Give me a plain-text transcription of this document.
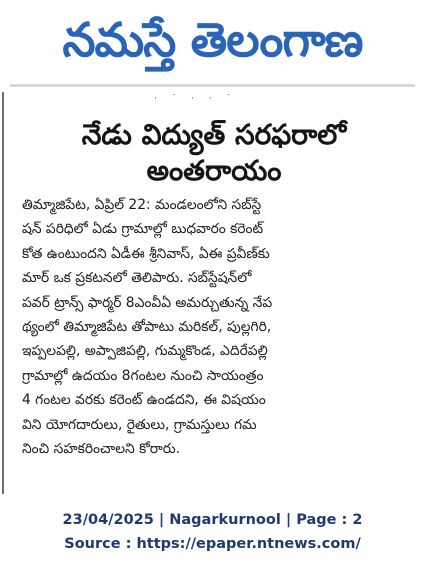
నమస్తే తెలంగాణ
· ˙ · · ˙
నేడు విద్యుత్ సరఫరాలో
అంతరాయం
తిమ్మాజిపేట, ఏప్రిల్ 22: మండలంలోని సబ్‌స్టే
షన్ పరిధిలో ఏడు గ్రామాల్లో బుధవారం కరెంట్
కోత ఉంటుందని ఏడీఈ శ్రీనివాస్, ఏఈ ప్రవీణ్‌కు
మార్ ఒక ప్రకటనలో తెలిపారు. సబ్‌స్టేషన్‌లో
పవర్ ట్రాన్స్ ఫార్మర్ 8ఎంవీఏ అమర్చుతున్న నేప
థ్యంలో తిమ్మాజిపేట తోపాటు మరికల్, పుల్లగిరి,
ఇప్పలపల్లి, అప్పాజిపల్లి, గుమ్మకొండ, ఎదిరేపల్లి
గ్రామాల్లో ఉదయం 8గంటల నుంచి సాయంత్రం
4 గంటల వరకు కరెంట్ ఉండదని, ఈ విషయం
విని యోగదారులు, రైతులు, గ్రామస్తులు గమ
నించి సహకరించాలని కోరారు.
23/04/2025 | Nagarkurnool | Page : 2
Source : https://epaper.ntnews.com/
